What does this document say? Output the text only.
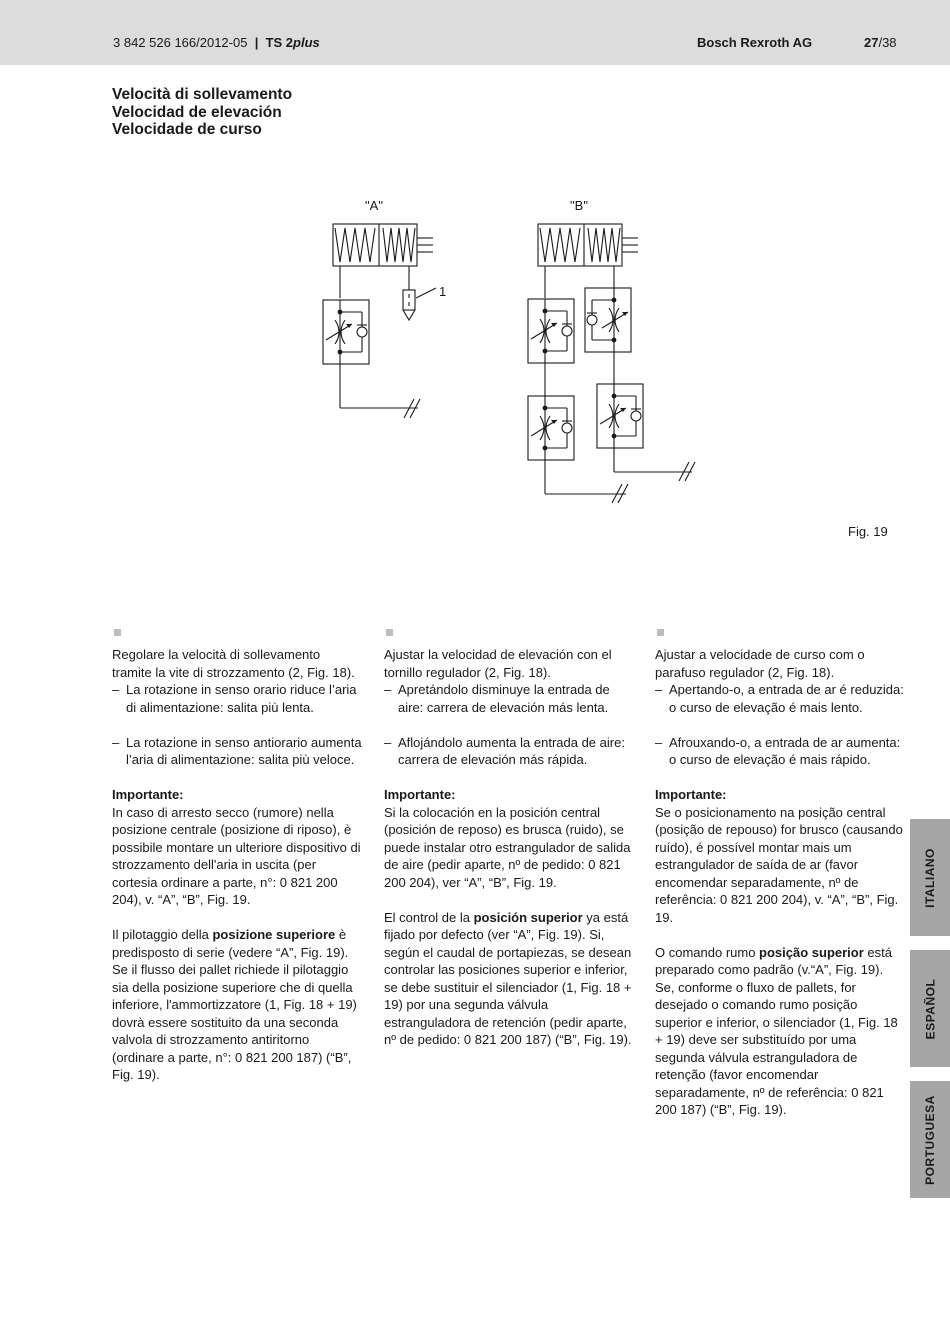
3 842 526 166/2012-05 | TS 2plus	Bosch Rexroth AG	27/38
Velocità di sollevamento
Velocidad de elevación
Velocidade de curso
"A"	"B"
1
Fig. 19

Regolare la velocità di sollevamento tramite la vite di strozzamento (2, Fig. 18).

– La rotazione in senso orario riduce l’aria di alimentazione: salita più lenta.
– La rotazione in senso antiorario aumenta l’aria di alimentazione: salita più veloce.

Importante:

In caso di arresto secco (rumore) nella posizione centrale (posizione di riposo), è possibile montare un ulteriore dispositivo di strozzamento dell'aria in uscita (per cortesia ordinare a parte, n°: 0 821 200 204), v. “A”, “B”, Fig. 19.

Il pilotaggio della posizione superiore è predisposto di serie (vedere “A”, Fig. 19). Se il flusso dei pallet richiede il pilotaggio sia della posizione superiore che di quella inferiore, l'ammortizzatore (1, Fig. 18 + 19) dovrà essere sostituito da una seconda valvola di strozzamento antiritorno (ordinare a parte, n°: 0 821 200 187) (“B”, Fig. 19).

Ajustar la velocidad de elevación con el tornillo regulador (2, Fig. 18).

– Apretándolo disminuye la entrada de aire: carrera de elevación más lenta.
– Aflojándolo aumenta la entrada de aire: carrera de elevación más rápida.

Importante:

Si la colocación en la posición central (posición de reposo) es brusca (ruido), se puede instalar otro estrangulador de salida de aire (pedir aparte, nº de pedido: 0 821 200 204), ver “A”, “B”, Fig. 19.

El control de la posición superior ya está fijado por defecto (ver “A”, Fig. 19). Si, según el caudal de portapiezas, se desean controlar las posiciones superior e inferior, se debe sustituir el silenciador (1, Fig. 18 + 19) por una segunda válvula estranguladora de retención (pedir aparte, nº de pedido: 0 821 200 187) (“B”, Fig. 19).

Ajustar a velocidade de curso com o parafuso regulador (2, Fig. 18).

– Apertando-o, a entrada de ar é reduzida: o curso de elevação é mais lento.
– Afrouxando-o, a entrada de ar aumenta: o curso de elevação é mais rápido.

Importante:

Se o posicionamento na posição central (posição de repouso) for brusco (causando ruído), é possível montar mais um estrangulador de saída de ar (favor encomendar separadamente, nº de referência: 0 821 200 204), v. “A”, “B”, Fig. 19.

O comando rumo posição superior está preparado como padrão (v.“A”, Fig. 19). Se, conforme o fluxo de pallets, for desejado o comando rumo posição superior e inferior, o silenciador (1, Fig. 18 + 19) deve ser substituído por uma segunda válvula estranguladora de retenção (favor encomendar separadamente, nº de referência: 0 821 200 187) (“B”, Fig. 19).

ITALIANO
ESPAÑOL
PORTUGUESA
